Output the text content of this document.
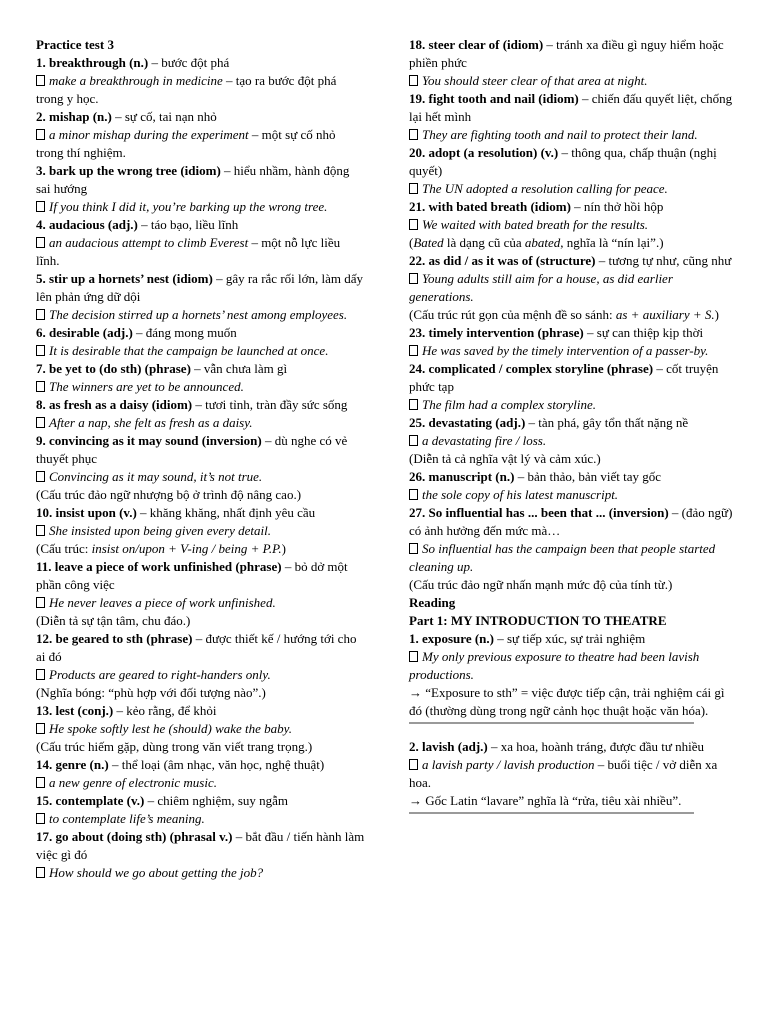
Practice test 3
1. breakthrough (n.) – bước đột phá
make a breakthrough in medicine – tạo ra bước đột phá trong y học.
2. mishap (n.) – sự cố, tai nạn nhỏ
a minor mishap during the experiment – một sự cố nhỏ trong thí nghiệm.
3. bark up the wrong tree (idiom) – hiểu nhầm, hành động sai hướng
If you think I did it, you’re barking up the wrong tree.
4. audacious (adj.) – táo bạo, liều lĩnh
an audacious attempt to climb Everest – một nỗ lực liều lĩnh.
5. stir up a hornets’ nest (idiom) – gây ra rắc rối lớn, làm dấy lên phản ứng dữ dội
The decision stirred up a hornets’ nest among employees.
6. desirable (adj.) – đáng mong muốn
It is desirable that the campaign be launched at once.
7. be yet to (do sth) (phrase) – vẫn chưa làm gì
The winners are yet to be announced.
8. as fresh as a daisy (idiom) – tươi tỉnh, tràn đầy sức sống
After a nap, she felt as fresh as a daisy.
9. convincing as it may sound (inversion) – dù nghe có vẻ thuyết phục
Convincing as it may sound, it’s not true.
(Cấu trúc đảo ngữ nhượng bộ ở trình độ nâng cao.)
10. insist upon (v.) – khăng khăng, nhất định yêu cầu
She insisted upon being given every detail.
(Cấu trúc: insist on/upon + V-ing / being + P.P.)
11. leave a piece of work unfinished (phrase) – bỏ dở một phần công việc
He never leaves a piece of work unfinished.
(Diễn tả sự tận tâm, chu đáo.)
12. be geared to sth (phrase) – được thiết kế / hướng tới cho ai đó
Products are geared to right-handers only.
(Nghĩa bóng: “phù hợp với đối tượng nào”.)
13. lest (conj.) – kẻo rằng, để khỏi
He spoke softly lest he (should) wake the baby.
(Cấu trúc hiếm gặp, dùng trong văn viết trang trọng.)
14. genre (n.) – thể loại (âm nhạc, văn học, nghệ thuật)
a new genre of electronic music.
15. contemplate (v.) – chiêm nghiệm, suy ngẫm
to contemplate life’s meaning.
17. go about (doing sth) (phrasal v.) – bắt đầu / tiến hành làm việc gì đó
How should we go about getting the job?
18. steer clear of (idiom) – tránh xa điều gì nguy hiểm hoặc phiền phức
You should steer clear of that area at night.
19. fight tooth and nail (idiom) – chiến đấu quyết liệt, chống lại hết mình
They are fighting tooth and nail to protect their land.
20. adopt (a resolution) (v.) – thông qua, chấp thuận (nghị quyết)
The UN adopted a resolution calling for peace.
21. with bated breath (idiom) – nín thở hồi hộp
We waited with bated breath for the results.
(Bated là dạng cũ của abated, nghĩa là “nín lại”.)
22. as did / as it was of (structure) – tương tự như, cũng như
Young adults still aim for a house, as did earlier generations.
(Cấu trúc rút gọn của mệnh đề so sánh: as + auxiliary + S.)
23. timely intervention (phrase) – sự can thiệp kịp thời
He was saved by the timely intervention of a passer-by.
24. complicated / complex storyline (phrase) – cốt truyện phức tạp
The film had a complex storyline.
25. devastating (adj.) – tàn phá, gây tổn thất nặng nề
a devastating fire / loss.
(Diễn tả cả nghĩa vật lý và cảm xúc.)
26. manuscript (n.) – bản thảo, bản viết tay gốc
the sole copy of his latest manuscript.
27. So influential has ... been that ... (inversion) – (đảo ngữ) có ảnh hưởng đến mức mà…
So influential has the campaign been that people started cleaning up.
(Cấu trúc đảo ngữ nhấn mạnh mức độ của tính từ.)
Reading
Part 1: MY INTRODUCTION TO THEATRE
1. exposure (n.) – sự tiếp xúc, sự trải nghiệm
My only previous exposure to theatre had been lavish productions.
→ “Exposure to sth” = việc được tiếp cận, trải nghiệm cái gì đó (thường dùng trong ngữ cảnh học thuật hoặc văn hóa).
2. lavish (adj.) – xa hoa, hoành tráng, được đầu tư nhiều
a lavish party / lavish production – buổi tiệc / vở diễn xa hoa.
→ Gốc Latin “lavare” nghĩa là “rửa, tiêu xài nhiều”.
